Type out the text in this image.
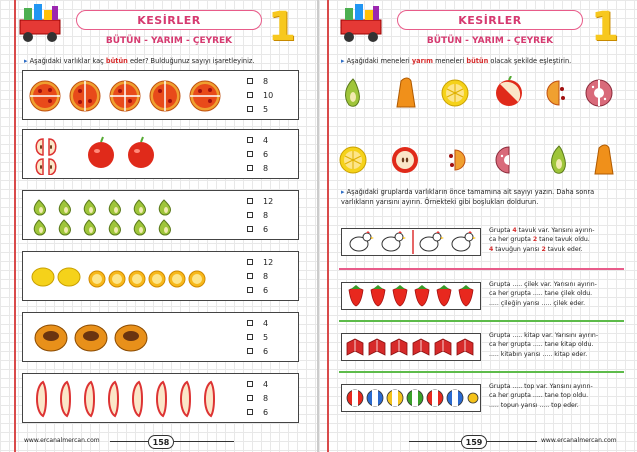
KESİRLER 1
BÜTÜN - YARIM - ÇEYREK
▸ Aşağıdaki varlıklar kaç bütün eder? Bulduğunuz sayıyı işaretleyiniz.
8
10
5
4
6
8
12
8
6
12
8
6
4
5
6
4
8
6
www.ercanalmercan.com	158
KESİRLER 1
BÜTÜN - YARIM - ÇEYREK
▸ Aşağıdaki meneleri yarım meneleri bütün olacak şekilde eşleştirin.
▸ Aşağıdaki gruplarda varlıkların önce tamamına ait sayıyı yazın. Daha sonra varlıkların yarısını ayırın. Örnekteki gibi boşlukları doldurun.
Grupta 4 tavuk var. Yarısını ayırın-
ca her grupta 2 tane tavuk oldu.
4 tavuğun yarısı 2 tavuk eder.
Grupta ..... çilek var. Yarısını ayırın-
ca her grupta ..... tane çilek oldu.
..... çileğin yarısı ..... çilek eder.
Grupta ..... kitap var. Yarısını ayırın-
ca her grupta ..... tane kitap oldu.
..... kitabın yarısı ..... kitap eder.
Grupta ..... top var. Yarısını ayırın-
ca her grupta ..... tane top oldu.
..... topun yarısı ..... top eder.
www.ercanalmercan.com
159
